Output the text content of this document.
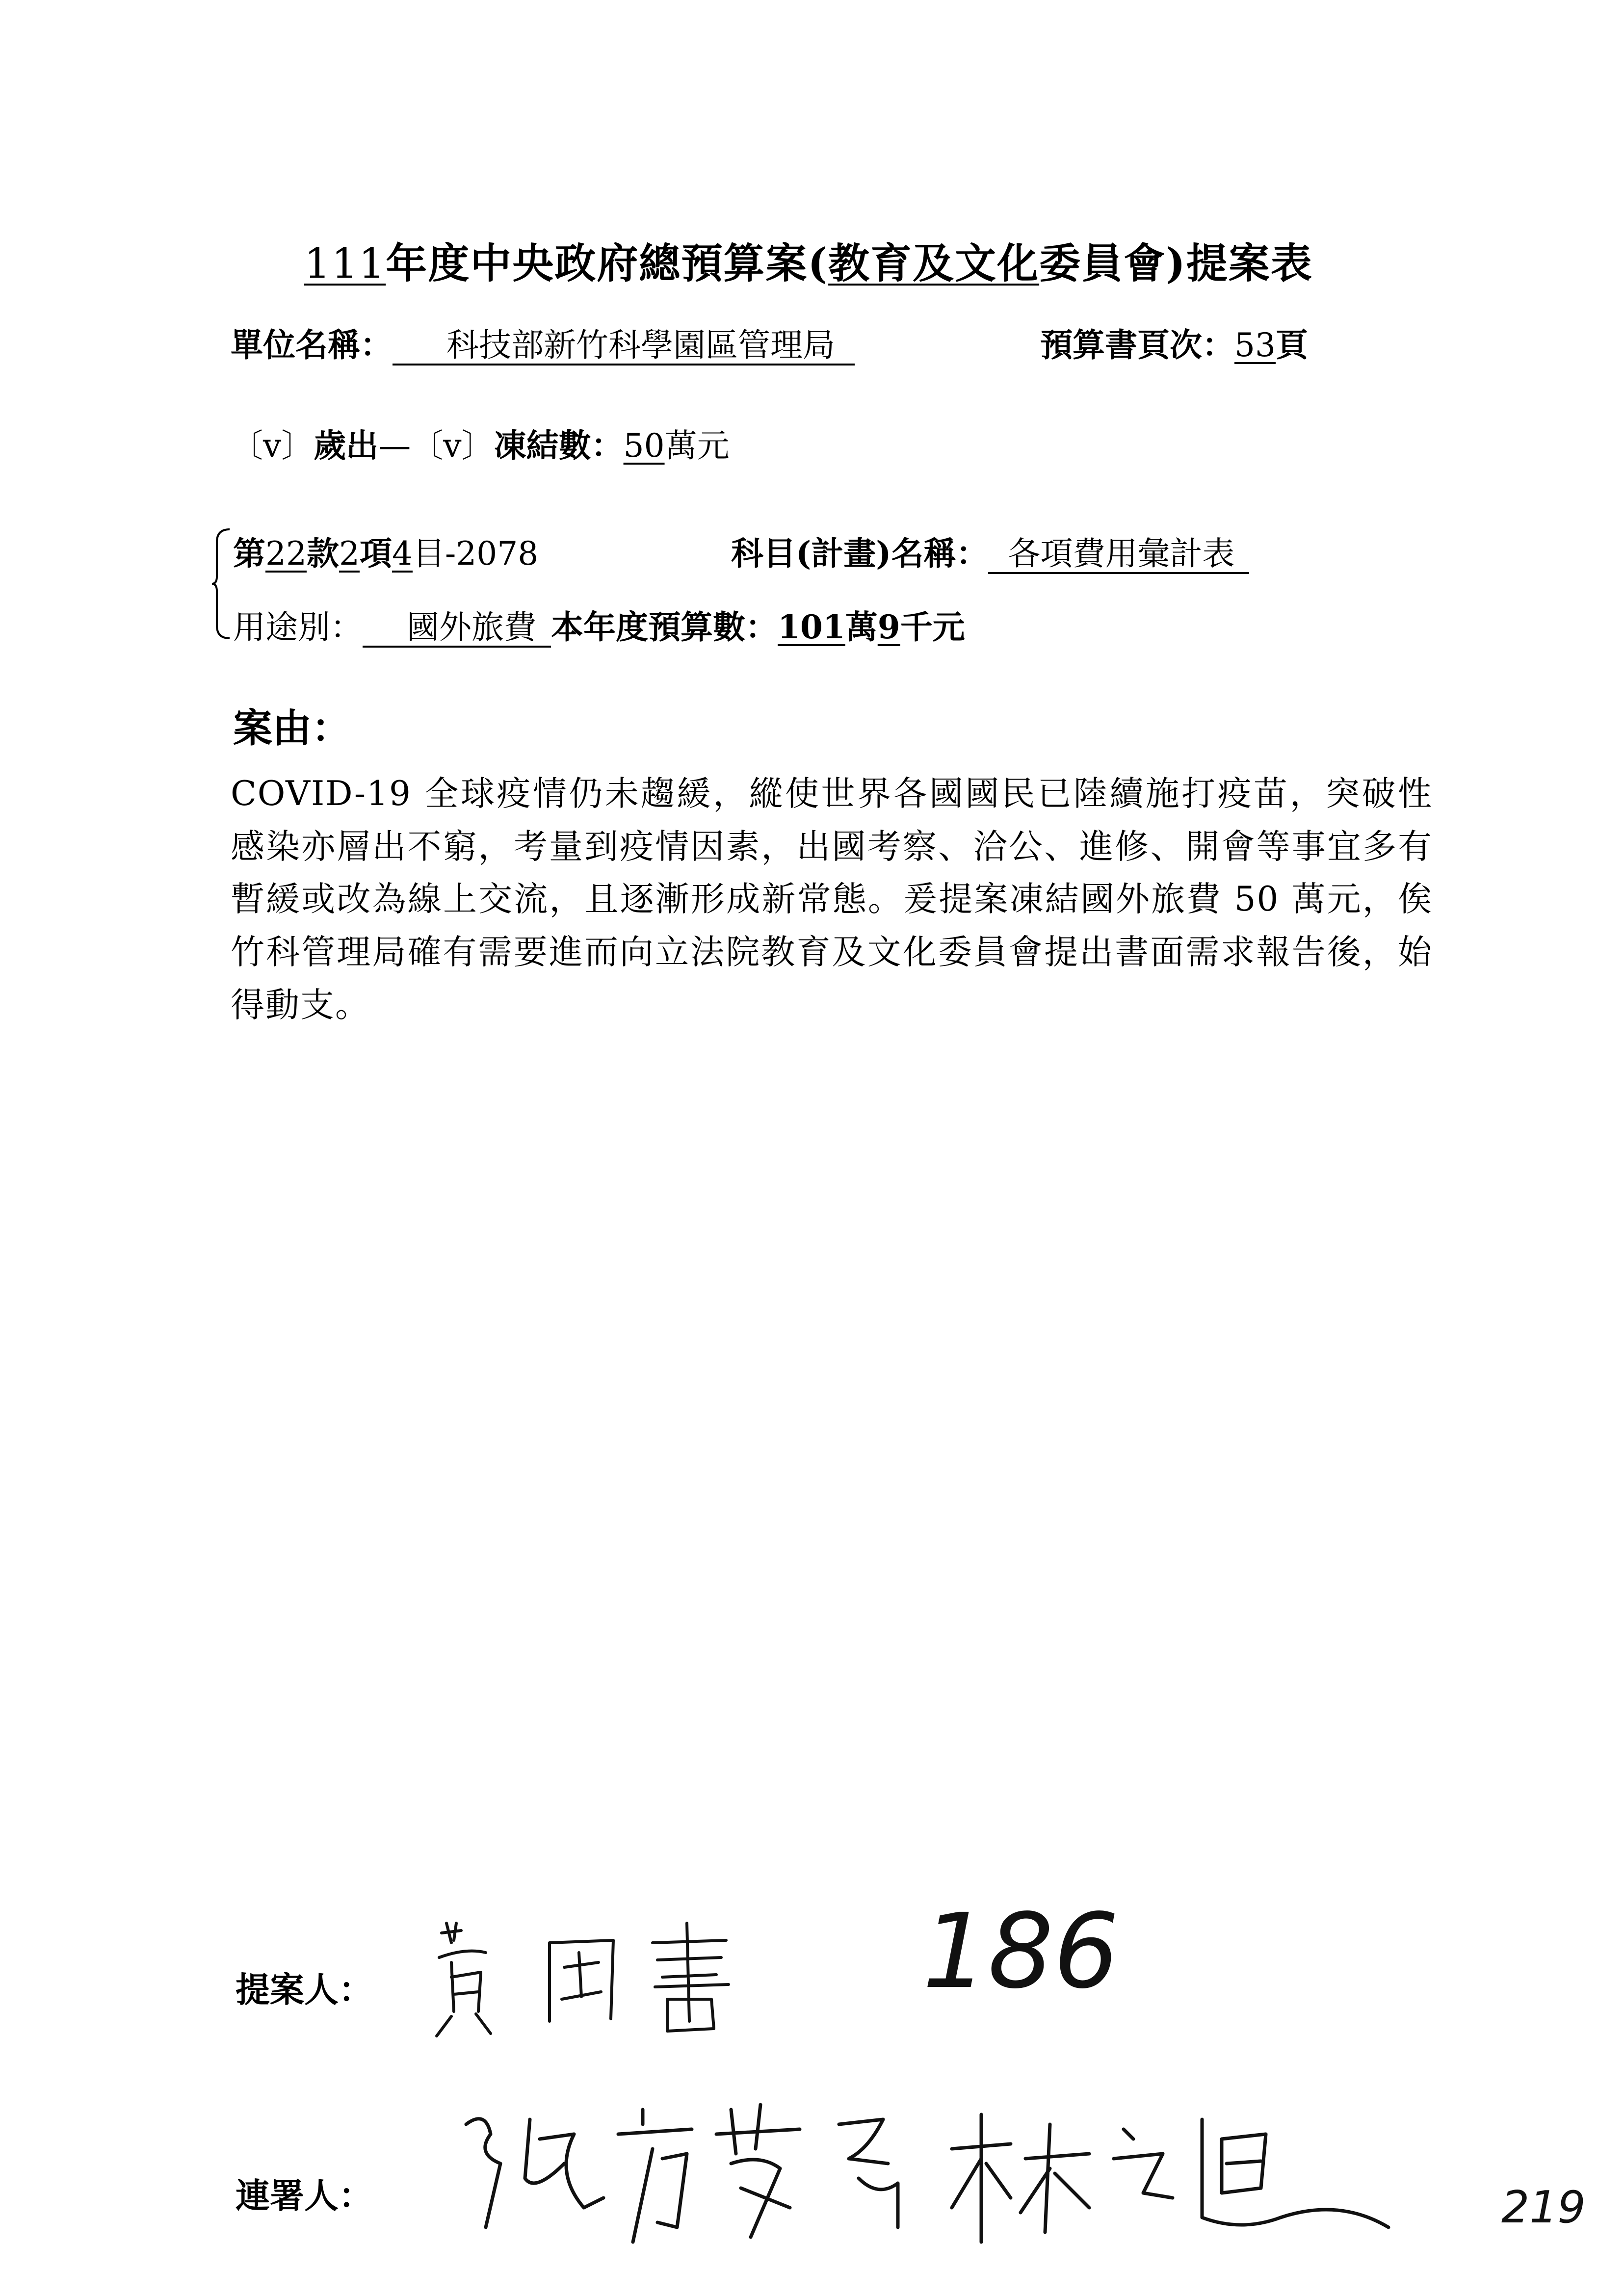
111年度中央政府總預算案(教育及文化委員會)提案表
單位名稱： 科技部新竹科學園區管理局	預算書頁次：53頁
〔v〕歲出—〔v〕凍結數：50萬元
第22款2項4目-2078	科目(計畫)名稱： 各項費用彙計表
用途別： 國外旅費 本年度預算數：101萬9千元
案由：
COVID-19 全球疫情仍未趨緩，縱使世界各國國民已陸續施打疫苗，突破性感染亦層出不窮，考量到疫情因素，出國考察、洽公、進修、開會等事宜多有暫緩或改為線上交流，且逐漸形成新常態。爰提案凍結國外旅費 50 萬元，俟竹科管理局確有需要進而向立法院教育及文化委員會提出書面需求報告後，始得動支。
提案人：	186
連署人：	219
